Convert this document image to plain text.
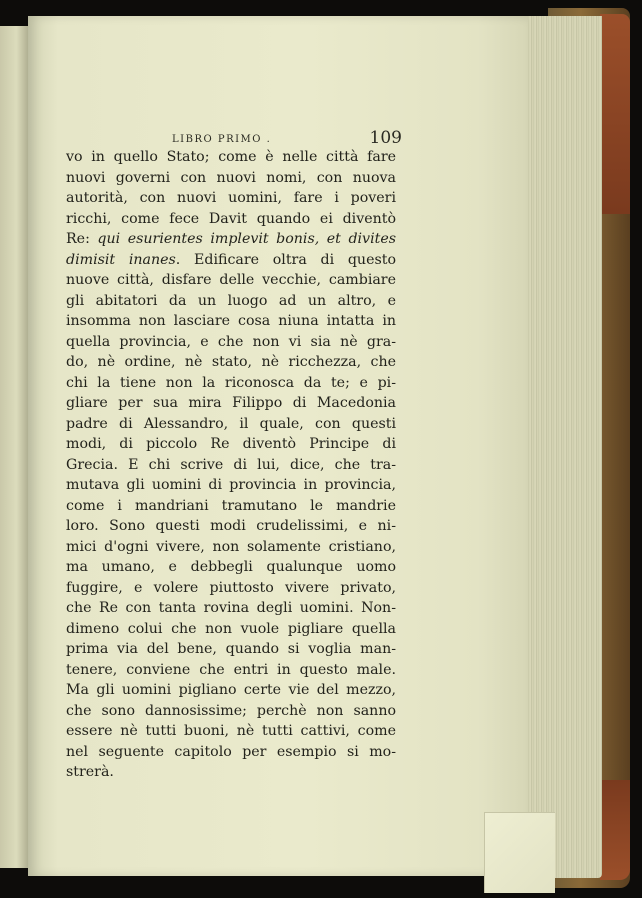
LIBRO PRIMO .	109
vo in quello Stato; come è nelle città fare
nuovi governi con nuovi nomi, con nuova
autorità, con nuovi uomini, fare i poveri
ricchi, come fece Davit quando ei diventò
Re: qui esurientes implevit bonis, et divites
dimisit inanes. Edificare oltra di questo
nuove città, disfare delle vecchie, cambiare
gli abitatori da un luogo ad un altro, e
insomma non lasciare cosa niuna intatta in
quella provincia, e che non vi sia nè gra-
do, nè ordine, nè stato, nè ricchezza, che
chi la tiene non la riconosca da te; e pi-
gliare per sua mira Filippo di Macedonia
padre di Alessandro, il quale, con questi
modi, di piccolo Re diventò Principe di
Grecia. E chi scrive di lui, dice, che tra-
mutava gli uomini di provincia in provincia,
come i mandriani tramutano le mandrie
loro. Sono questi modi crudelissimi, e ni-
mici d'ogni vivere, non solamente cristiano,
ma umano, e debbegli qualunque uomo
fuggire, e volere piuttosto vivere privato,
che Re con tanta rovina degli uomini. Non-
dimeno colui che non vuole pigliare quella
prima via del bene, quando si voglia man-
tenere, conviene che entri in questo male.
Ma gli uomini pigliano certe vie del mezzo,
che sono dannosissime; perchè non sanno
essere nè tutti buoni, nè tutti cattivi, come
nel seguente capitolo per esempio si mo-
strerà.
